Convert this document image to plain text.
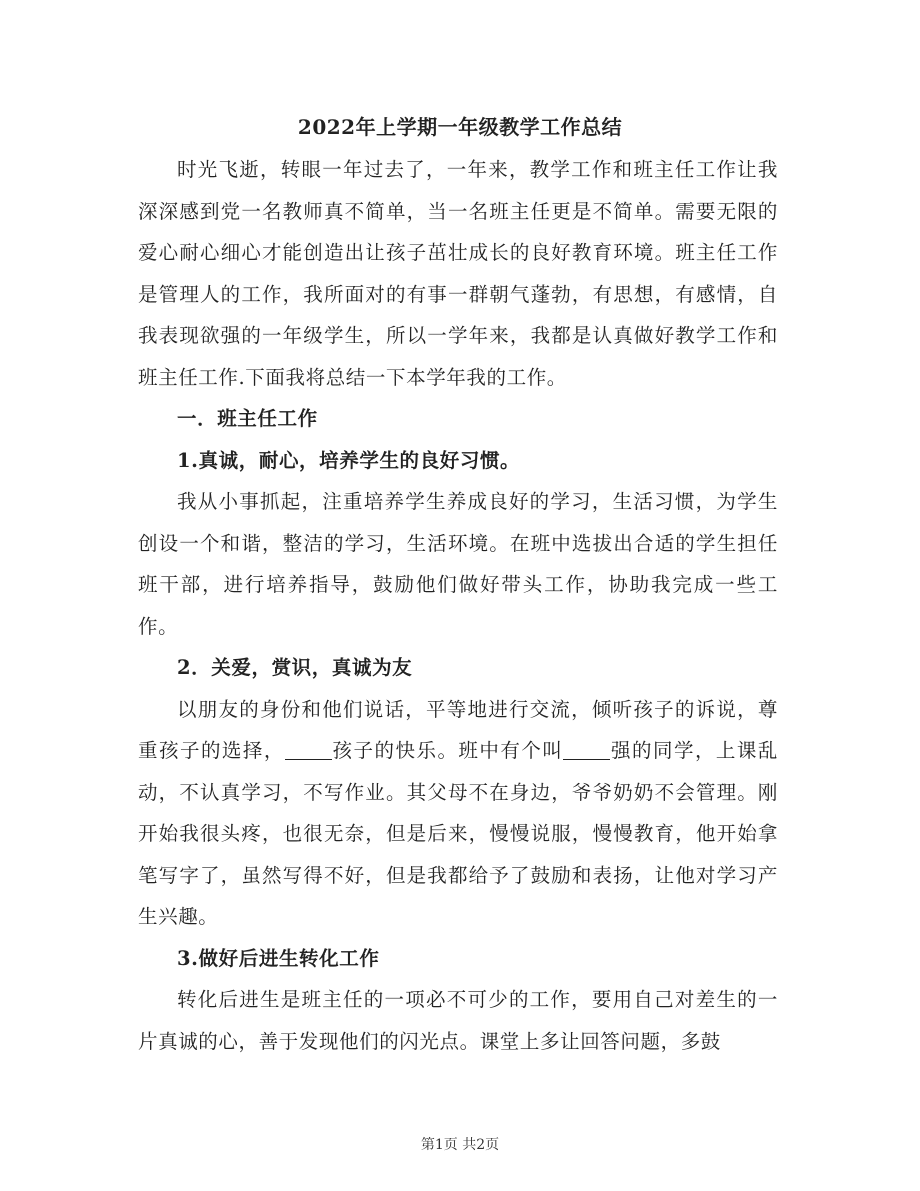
2022年上学期一年级教学工作总结

时光飞逝，转眼一年过去了，一年来，教学工作和班主任工作让我深深感到党一名教师真不简单，当一名班主任更是不简单。需要无限的爱心耐心细心才能创造出让孩子茁壮成长的良好教育环境。班主任工作是管理人的工作，我所面对的有事一群朝气蓬勃，有思想，有感情，自我表现欲强的一年级学生，所以一学年来，我都是认真做好教学工作和班主任工作.下面我将总结一下本学年我的工作。

一．班主任工作

1.真诚，耐心，培养学生的良好习惯。

我从小事抓起，注重培养学生养成良好的学习，生活习惯，为学生创设一个和谐，整洁的学习，生活环境。在班中选拔出合适的学生担任班干部，进行培养指导，鼓励他们做好带头工作，协助我完成一些工作。

2．关爱，赏识，真诚为友

以朋友的身份和他们说话，平等地进行交流，倾听孩子的诉说，尊重孩子的选择， 孩子的快乐。班中有个叫 强的同学，上课乱动，不认真学习，不写作业。其父母不在身边，爷爷奶奶不会管理。刚开始我很头疼，也很无奈，但是后来，慢慢说服，慢慢教育，他开始拿笔写字了，虽然写得不好，但是我都给予了鼓励和表扬，让他对学习产生兴趣。

3.做好后进生转化工作

转化后进生是班主任的一项必不可少的工作，要用自己对差生的一片真诚的心，善于发现他们的闪光点。课堂上多让回答问题，多鼓

第1页 共2页
